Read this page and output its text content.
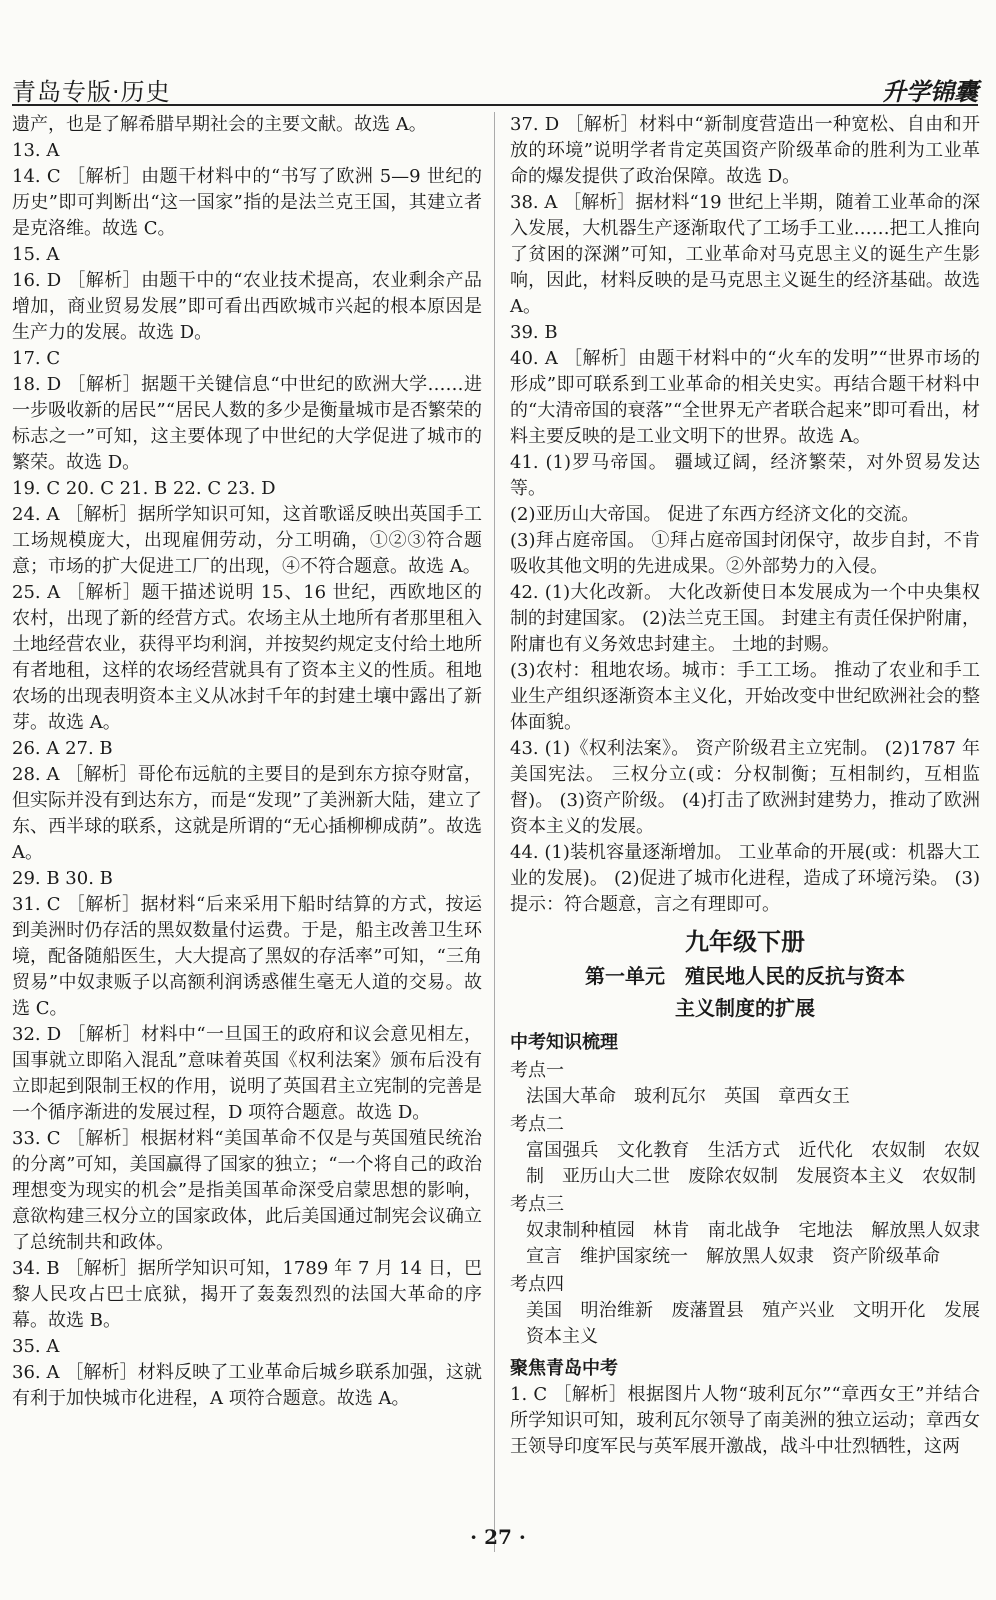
青岛专版·历史	升学锦囊

遗产，也是了解希腊早期社会的主要文献。故选 A。

13. A

14. C ［解析］由题干材料中的“书写了欧洲 5—9 世纪的历史”即可判断出“这一国家”指的是法兰克王国，其建立者是克洛维。故选 C。

15. A

16. D ［解析］由题干中的“农业技术提高，农业剩余产品增加，商业贸易发展”即可看出西欧城市兴起的根本原因是生产力的发展。故选 D。

17. C

18. D ［解析］据题干关键信息“中世纪的欧洲大学……进一步吸收新的居民”“居民人数的多少是衡量城市是否繁荣的标志之一”可知，这主要体现了中世纪的大学促进了城市的繁荣。故选 D。

19. C 20. C 21. B 22. C 23. D

24. A ［解析］据所学知识可知，这首歌谣反映出英国手工工场规模庞大，出现雇佣劳动，分工明确，①②③符合题意；市场的扩大促进工厂的出现，④不符合题意。故选 A。

25. A ［解析］题干描述说明 15、16 世纪，西欧地区的农村，出现了新的经营方式。农场主从土地所有者那里租入土地经营农业，获得平均利润，并按契约规定支付给土地所有者地租，这样的农场经营就具有了资本主义的性质。租地农场的出现表明资本主义从冰封千年的封建土壤中露出了新芽。故选 A。

26. A 27. B

28. A ［解析］哥伦布远航的主要目的是到东方掠夺财富，但实际并没有到达东方，而是“发现”了美洲新大陆，建立了东、西半球的联系，这就是所谓的“无心插柳柳成荫”。故选 A。

29. B 30. B

31. C ［解析］据材料“后来采用下船时结算的方式，按运到美洲时仍存活的黑奴数量付运费。于是，船主改善卫生环境，配备随船医生，大大提高了黑奴的存活率”可知，“三角贸易”中奴隶贩子以高额利润诱惑催生毫无人道的交易。故选 C。

32. D ［解析］材料中“一旦国王的政府和议会意见相左，国事就立即陷入混乱”意味着英国《权利法案》颁布后没有立即起到限制王权的作用，说明了英国君主立宪制的完善是一个循序渐进的发展过程，D 项符合题意。故选 D。

33. C ［解析］根据材料“美国革命不仅是与英国殖民统治的分离”可知，美国赢得了国家的独立；“一个将自己的政治理想变为现实的机会”是指美国革命深受启蒙思想的影响，意欲构建三权分立的国家政体，此后美国通过制宪会议确立了总统制共和政体。

34. B ［解析］据所学知识可知，1789 年 7 月 14 日，巴黎人民攻占巴士底狱，揭开了轰轰烈烈的法国大革命的序幕。故选 B。

35. A

36. A ［解析］材料反映了工业革命后城乡联系加强，这就有利于加快城市化进程，A 项符合题意。故选 A。

37. D ［解析］材料中“新制度营造出一种宽松、自由和开放的环境”说明学者肯定英国资产阶级革命的胜利为工业革命的爆发提供了政治保障。故选 D。

38. A ［解析］据材料“19 世纪上半期，随着工业革命的深入发展，大机器生产逐渐取代了工场手工业……把工人推向了贫困的深渊”可知，工业革命对马克思主义的诞生产生影响，因此，材料反映的是马克思主义诞生的经济基础。故选 A。

39. B

40. A ［解析］由题干材料中的“火车的发明”“世界市场的形成”即可联系到工业革命的相关史实。再结合题干材料中的“大清帝国的衰落”“全世界无产者联合起来”即可看出，材料主要反映的是工业文明下的世界。故选 A。

41. (1)罗马帝国。 疆域辽阔，经济繁荣，对外贸易发达等。

(2)亚历山大帝国。 促进了东西方经济文化的交流。

(3)拜占庭帝国。 ①拜占庭帝国封闭保守，故步自封，不肯吸收其他文明的先进成果。②外部势力的入侵。

42. (1)大化改新。 大化改新使日本发展成为一个中央集权制的封建国家。 (2)法兰克王国。 封建主有责任保护附庸，附庸也有义务效忠封建主。 土地的封赐。

(3)农村：租地农场。城市：手工工场。 推动了农业和手工业生产组织逐渐资本主义化，开始改变中世纪欧洲社会的整体面貌。

43. (1)《权利法案》。 资产阶级君主立宪制。 (2)1787 年美国宪法。 三权分立(或：分权制衡；互相制约，互相监督)。 (3)资产阶级。 (4)打击了欧洲封建势力，推动了欧洲资本主义的发展。

44. (1)装机容量逐渐增加。 工业革命的开展(或：机器大工业的发展)。 (2)促进了城市化进程，造成了环境污染。 (3)提示：符合题意，言之有理即可。

九年级下册
第一单元　殖民地人民的反抗与资本
主义制度的扩展
中考知识梳理
考点一

法国大革命　玻利瓦尔　英国　章西女王

考点二

富国强兵　文化教育　生活方式　近代化　农奴制　农奴制　亚历山大二世　废除农奴制　发展资本主义　农奴制

考点三

奴隶制种植园　林肯　南北战争　宅地法　解放黑人奴隶宣言　维护国家统一　解放黑人奴隶　资产阶级革命

考点四

美国　明治维新　废藩置县　殖产兴业　文明开化　发展资本主义

聚焦青岛中考

1. C ［解析］根据图片人物“玻利瓦尔”“章西女王”并结合所学知识可知，玻利瓦尔领导了南美洲的独立运动；章西女王领导印度军民与英军展开激战，战斗中壮烈牺牲，这两

· 27 ·
